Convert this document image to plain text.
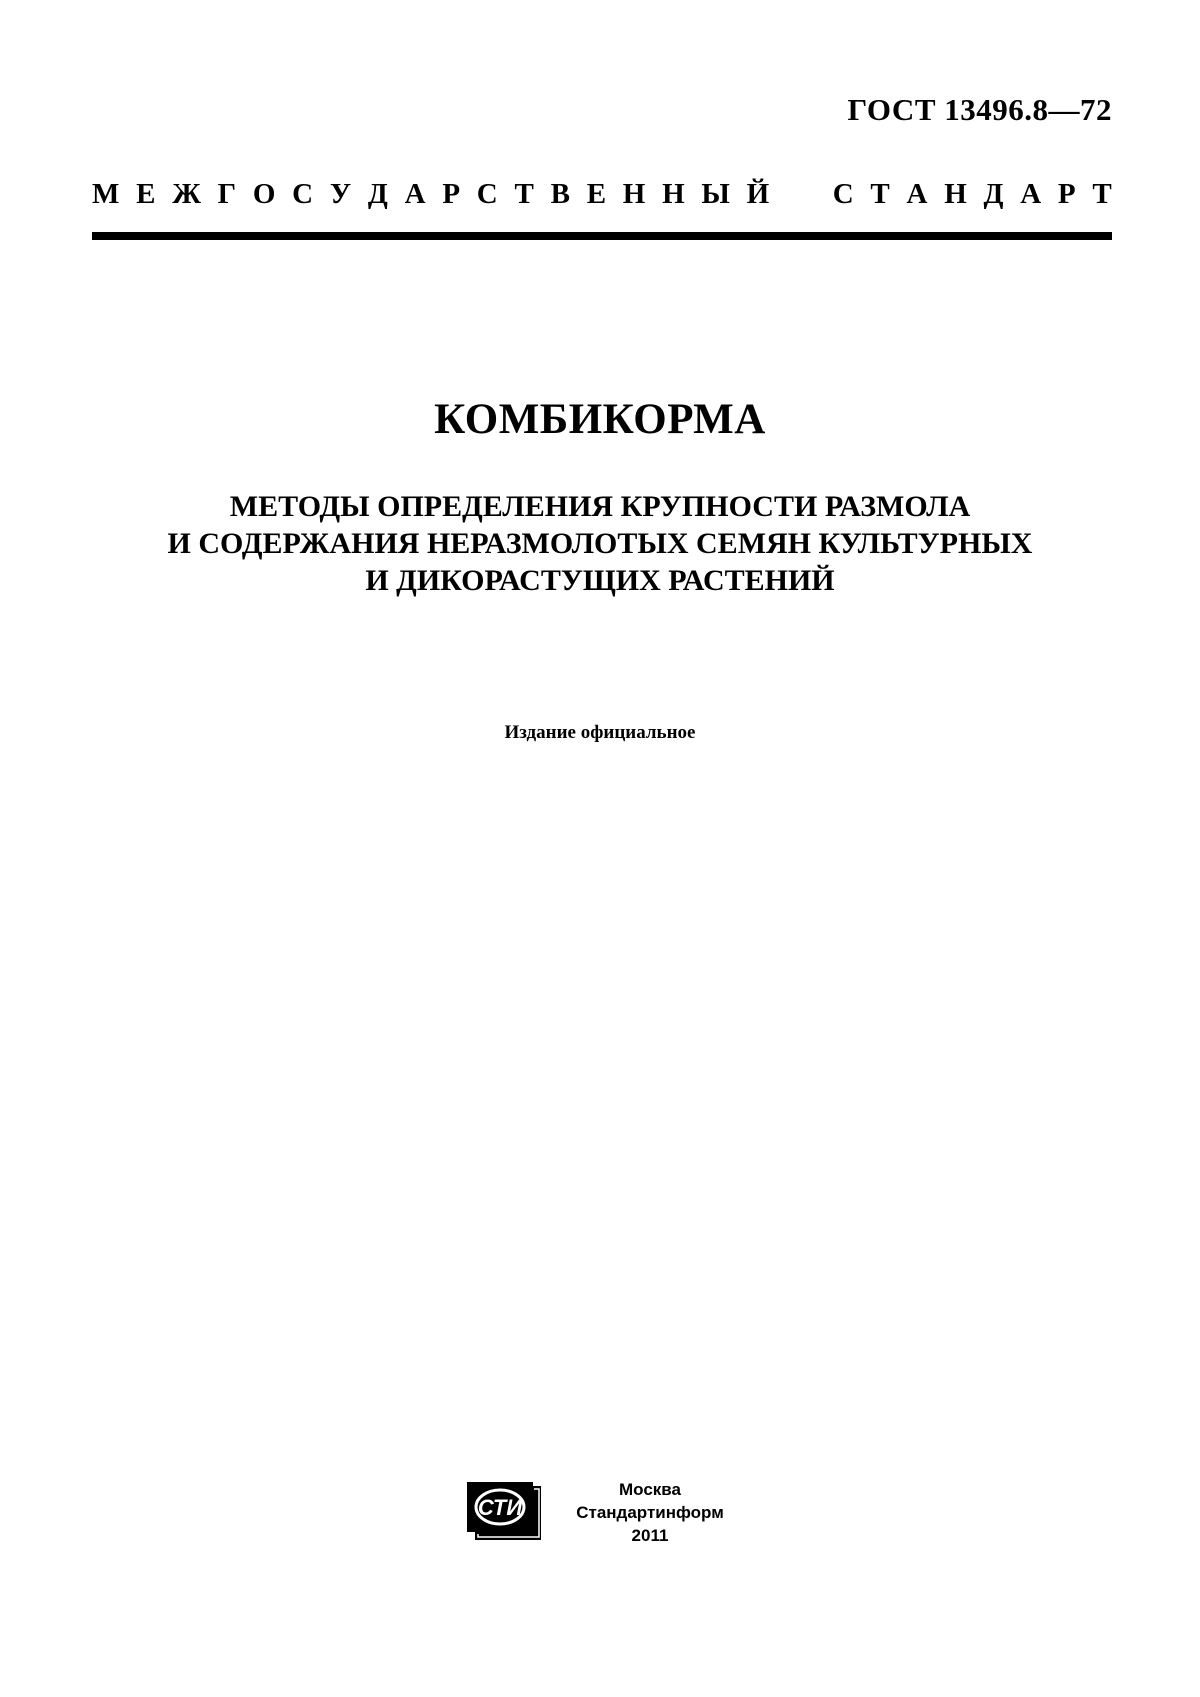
ГОСТ 13496.8—72
М Е Ж Г О С У Д А Р С Т В Е Н Н Ы Й С Т А Н Д А Р Т
КОМБИКОРМА
МЕТОДЫ ОПРЕДЕЛЕНИЯ КРУПНОСТИ РАЗМОЛА
И СОДЕРЖАНИЯ НЕРАЗМОЛОТЫХ СЕМЯН КУЛЬТУРНЫХ
И ДИКОРАСТУЩИХ РАСТЕНИЙ
Издание официальное
СТИ
Москва
Стандартинформ
2011
